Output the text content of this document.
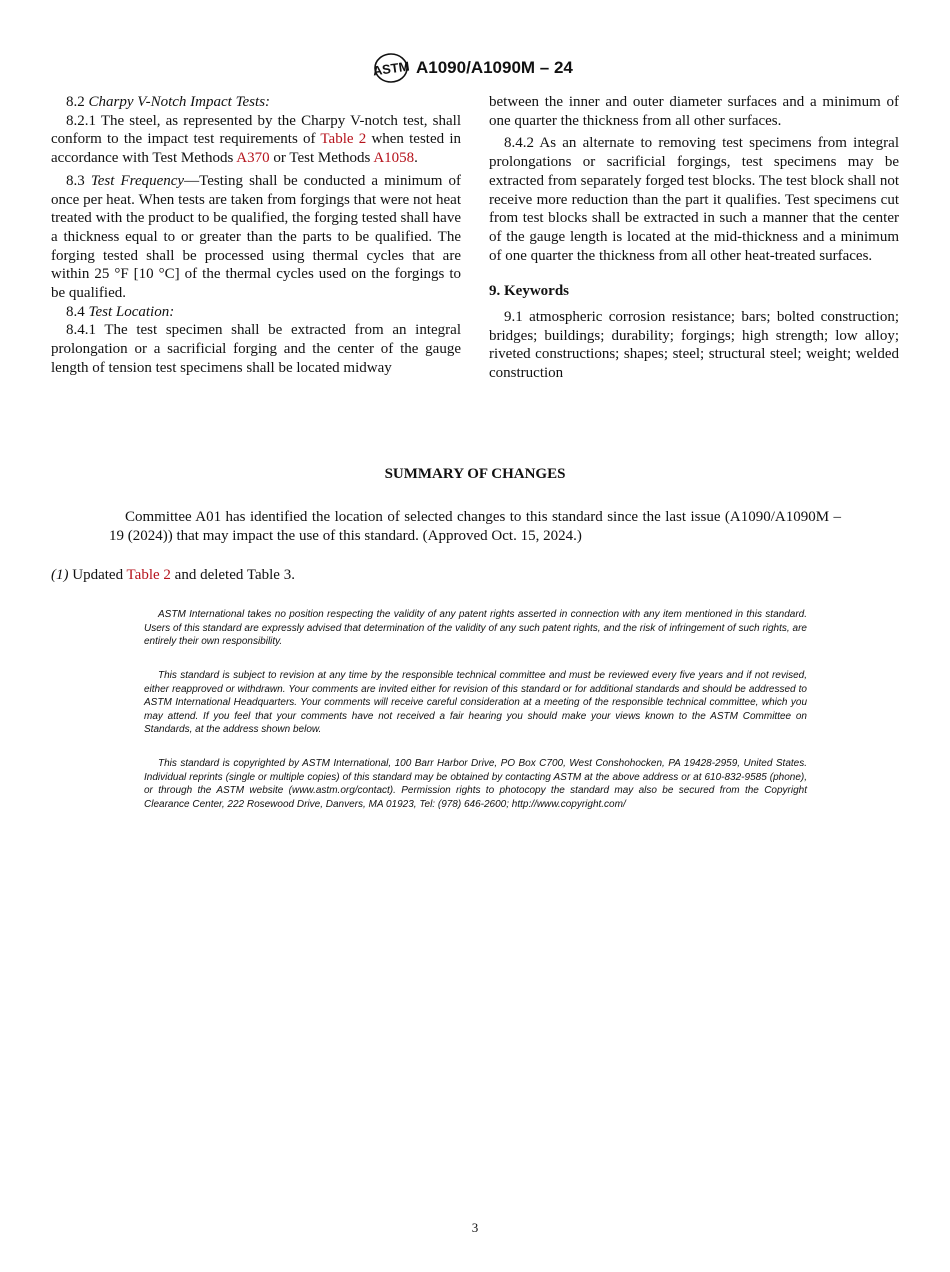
ASTM A1090/A1090M – 24

8.2 Charpy V-Notch Impact Tests:

8.2.1 The steel, as represented by the Charpy V-notch test, shall conform to the impact test requirements of Table 2 when tested in accordance with Test Methods A370 or Test Methods A1058.

8.3 Test Frequency—Testing shall be conducted a minimum of once per heat. When tests are taken from forgings that were not heat treated with the product to be qualified, the forging tested shall have a thickness equal to or greater than the parts to be qualified. The forging tested shall be processed using thermal cycles that are within 25 °F [10 °C] of the thermal cycles used on the forgings to be qualified.

8.4 Test Location:

8.4.1 The test specimen shall be extracted from an integral prolongation or a sacrificial forging and the center of the gauge length of tension test specimens shall be located midway

between the inner and outer diameter surfaces and a minimum of one quarter the thickness from all other surfaces.

8.4.2 As an alternate to removing test specimens from integral prolongations or sacrificial forgings, test specimens may be extracted from separately forged test blocks. The test block shall not receive more reduction than the part it qualifies. Test specimens cut from test blocks shall be extracted in such a manner that the center of the gauge length is located at the mid-thickness and a minimum of one quarter the thickness from all other heat-treated surfaces.

9. Keywords

9.1 atmospheric corrosion resistance; bars; bolted construction; bridges; buildings; durability; forgings; high strength; low alloy; riveted constructions; shapes; steel; structural steel; weight; welded construction

SUMMARY OF CHANGES
Committee A01 has identified the location of selected changes to this standard since the last issue (A1090/A1090M – 19 (2024)) that may impact the use of this standard. (Approved Oct. 15, 2024.)
(1) Updated Table 2 and deleted Table 3.

ASTM International takes no position respecting the validity of any patent rights asserted in connection with any item mentioned in this standard. Users of this standard are expressly advised that determination of the validity of any such patent rights, and the risk of infringement of such rights, are entirely their own responsibility.

This standard is subject to revision at any time by the responsible technical committee and must be reviewed every five years and if not revised, either reapproved or withdrawn. Your comments are invited either for revision of this standard or for additional standards and should be addressed to ASTM International Headquarters. Your comments will receive careful consideration at a meeting of the responsible technical committee, which you may attend. If you feel that your comments have not received a fair hearing you should make your views known to the ASTM Committee on Standards, at the address shown below.

This standard is copyrighted by ASTM International, 100 Barr Harbor Drive, PO Box C700, West Conshohocken, PA 19428-2959, United States. Individual reprints (single or multiple copies) of this standard may be obtained by contacting ASTM at the above address or at 610-832-9585 (phone), or through the ASTM website (www.astm.org/contact). Permission rights to photocopy the standard may also be secured from the Copyright Clearance Center, 222 Rosewood Drive, Danvers, MA 01923, Tel: (978) 646-2600; http://www.copyright.com/

3
